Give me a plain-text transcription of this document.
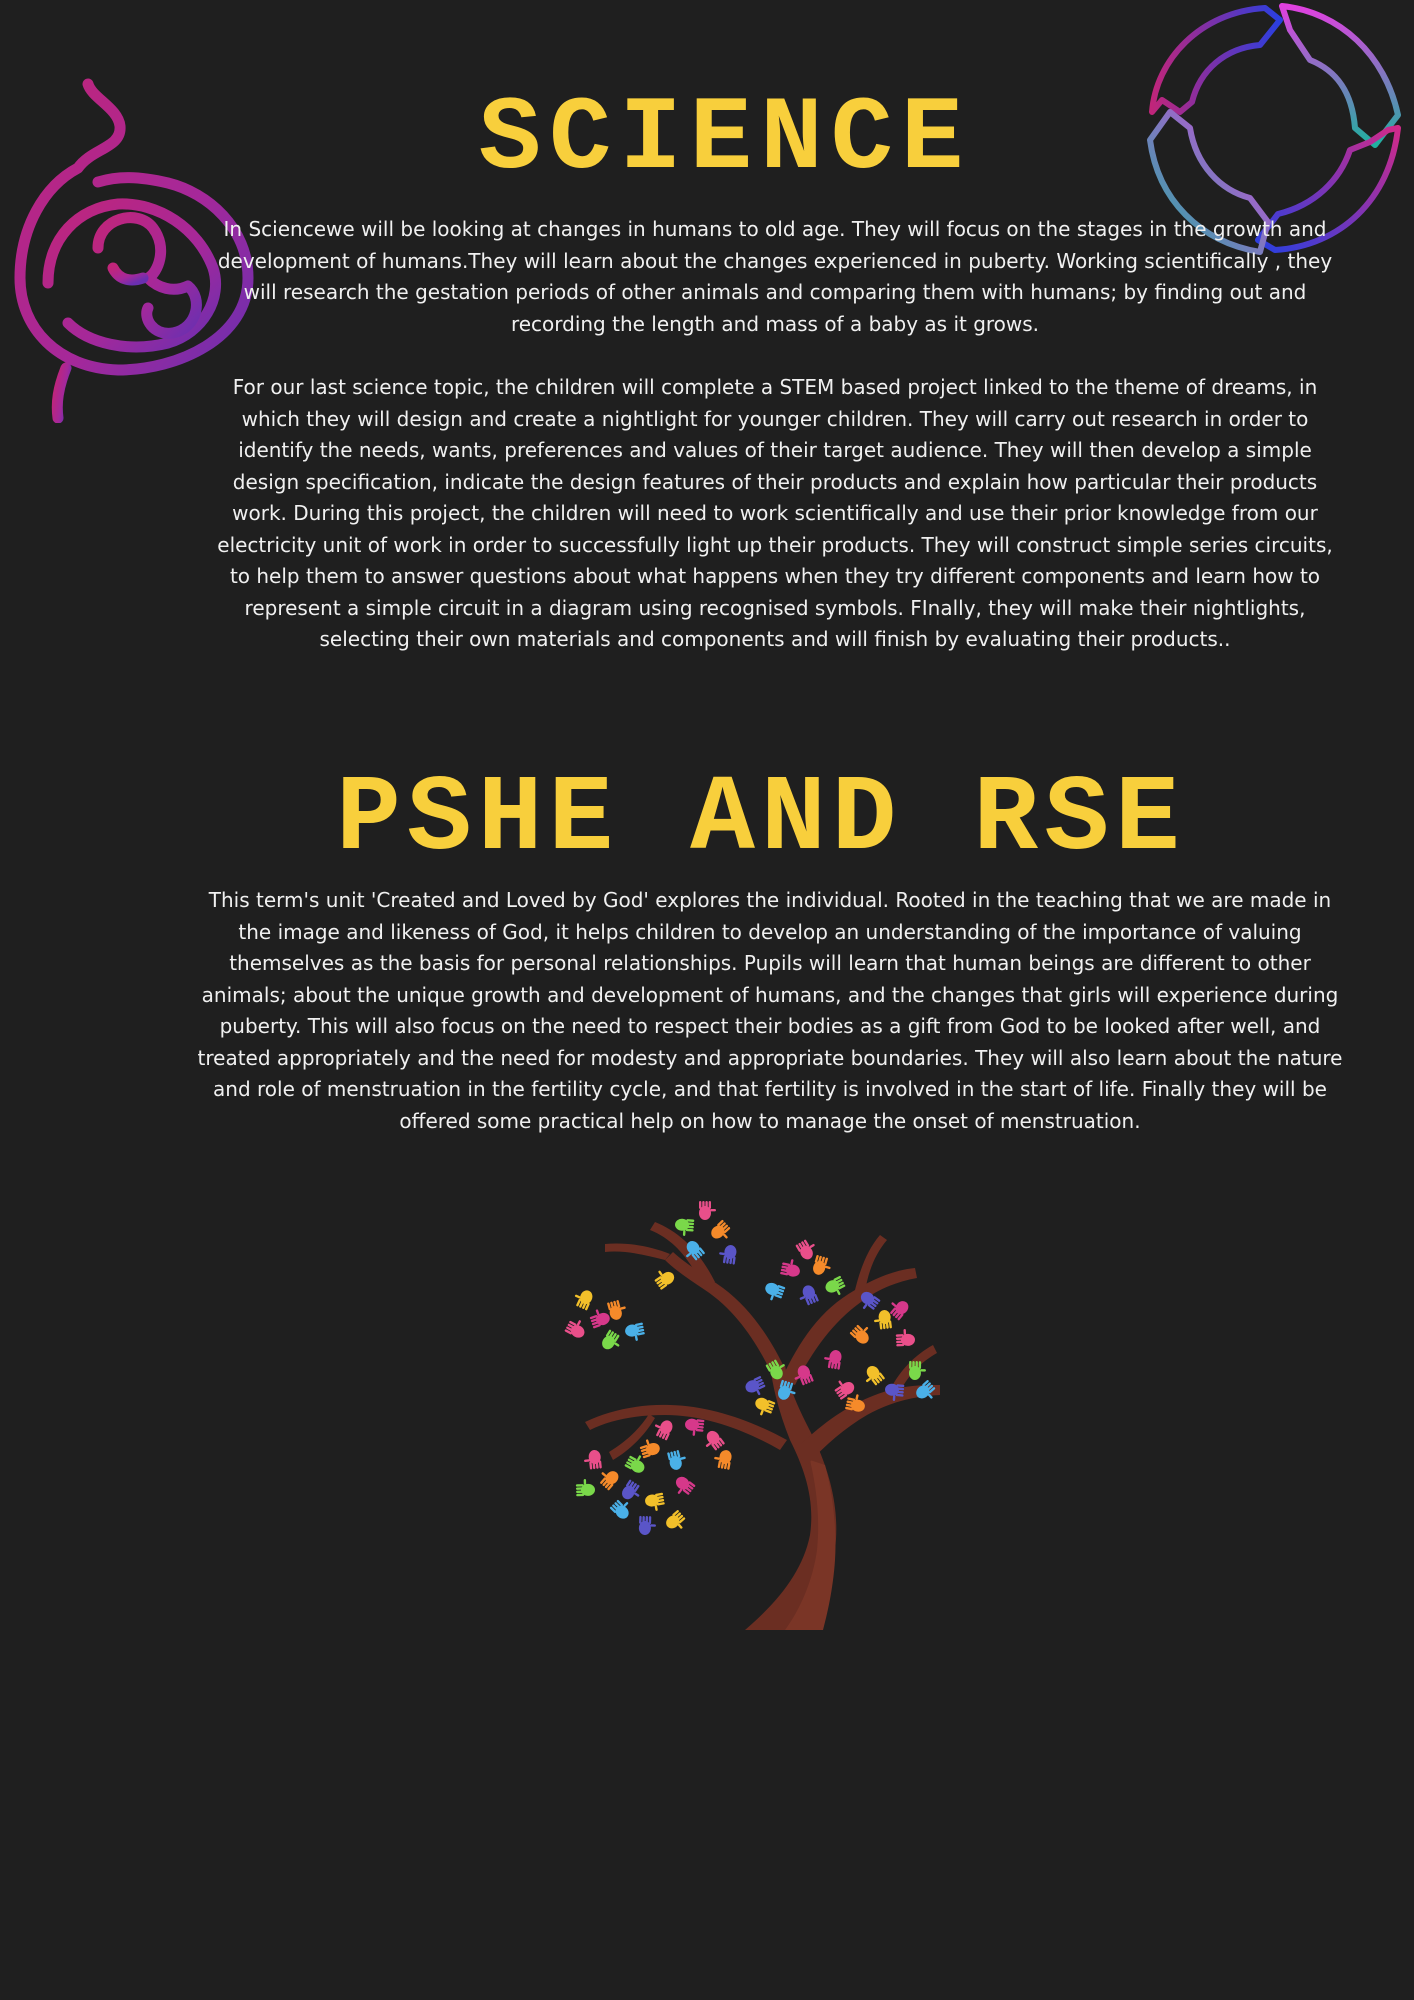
SCIENCE

In Sciencewe will be looking at changes in humans to old age. They will focus on the stages in the growth and development of humans.They will learn about the changes experienced in puberty. Working scientifically , they will research the gestation periods of other animals and comparing them with humans; by finding out and recording the length and mass of a baby as it grows.

For our last science topic, the children will complete a STEM based project linked to the theme of dreams, in which they will design and create a nightlight for younger children. They will carry out research in order to identify the needs, wants, preferences and values of their target audience. They will then develop a simple design specification, indicate the design features of their products and explain how particular their products work. During this project, the children will need to work scientifically and use their prior knowledge from our electricity unit of work in order to successfully light up their products. They will construct simple series circuits, to help them to answer questions about what happens when they try different components and learn how to represent a simple circuit in a diagram using recognised symbols. FInally, they will make their nightlights, selecting their own materials and components and will finish by evaluating their products..

PSHE AND RSE

This term's unit 'Created and Loved by God' explores the individual. Rooted in the teaching that we are made in the image and likeness of God, it helps children to develop an understanding of the importance of valuing themselves as the basis for personal relationships. Pupils will learn that human beings are different to other animals; about the unique growth and development of humans, and the changes that girls will experience during puberty. This will also focus on the need to respect their bodies as a gift from God to be looked after well, and treated appropriately and the need for modesty and appropriate boundaries. They will also learn about the nature and role of menstruation in the fertility cycle, and that fertility is involved in the start of life. Finally they will be offered some practical help on how to manage the onset of menstruation.
